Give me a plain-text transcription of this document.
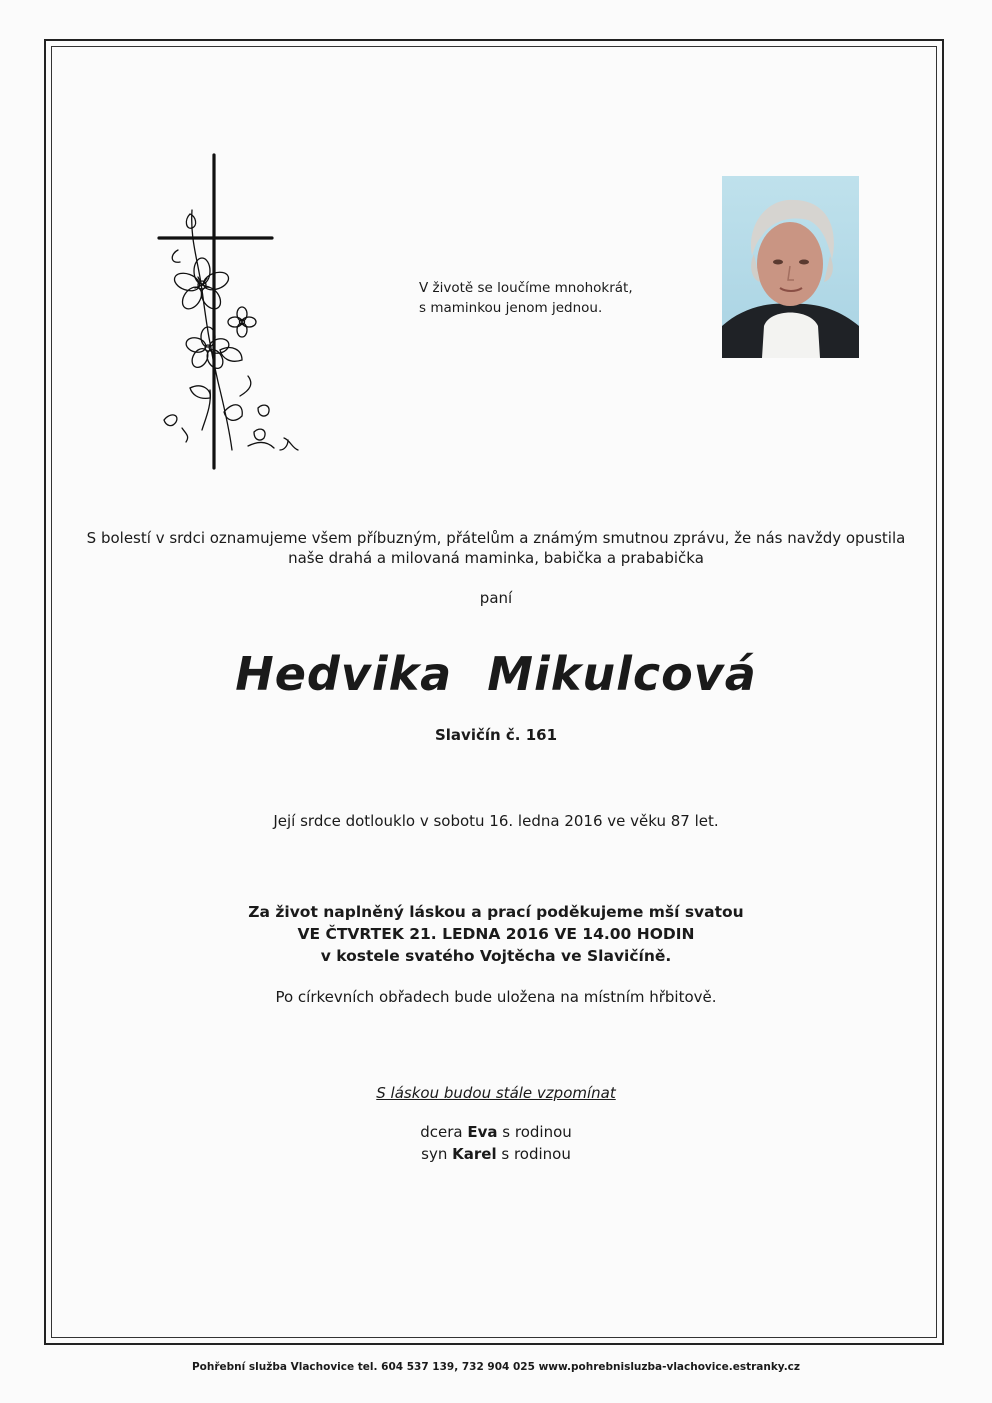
V životě se loučíme mnohokrát,
s maminkou jenom jednou.
S bolestí v srdci oznamujeme všem příbuzným, přátelům a známým smutnou zprávu, že nás navždy opustila
naše drahá a milovaná maminka, babička a prababička
paní
Hedvika Mikulcová
Slavičín č. 161
Její srdce dotlouklo v sobotu 16. ledna 2016 ve věku 87 let.
Za život naplněný láskou a prací poděkujeme mší svatou
VE ČTVRTEK 21. LEDNA 2016 VE 14.00 HODIN
v kostele svatého Vojtěcha ve Slavičíně.
Po církevních obřadech bude uložena na místním hřbitově.
S láskou budou stále vzpomínat
dcera Eva s rodinou
syn Karel s rodinou
Pohřební služba Vlachovice tel. 604 537 139, 732 904 025 www.pohrebnisluzba-vlachovice.estranky.cz
